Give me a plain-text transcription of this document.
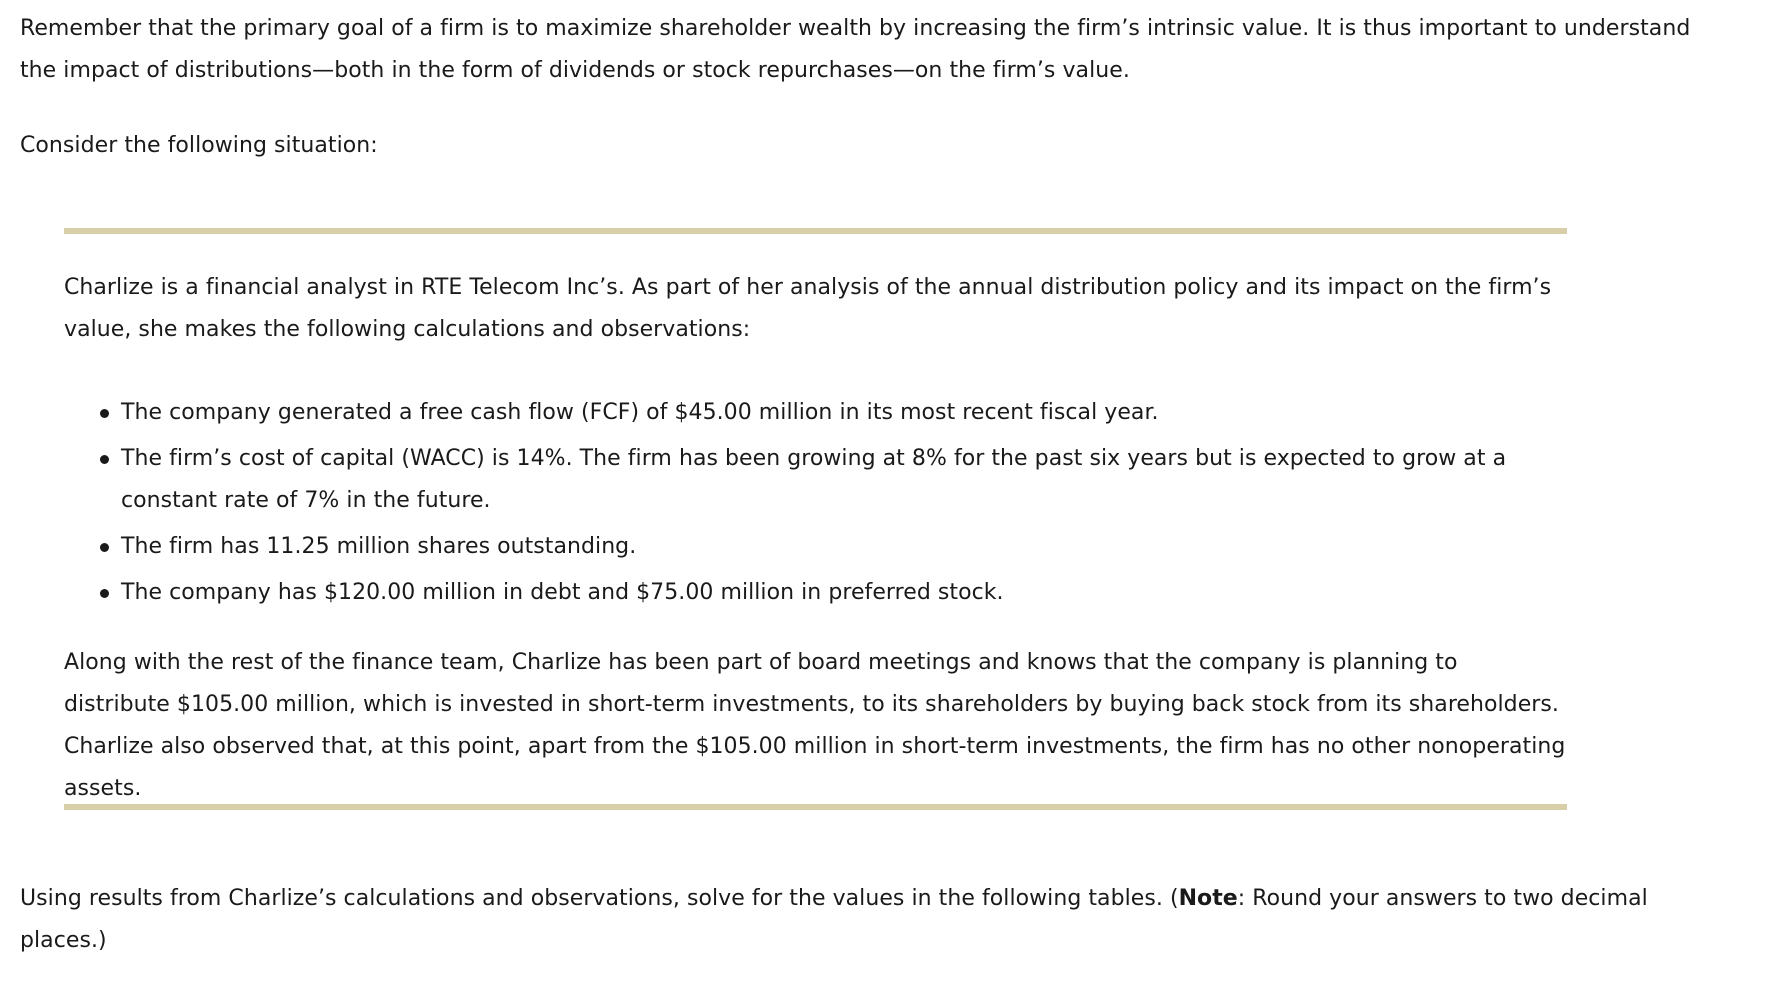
Remember that the primary goal of a firm is to maximize shareholder wealth by increasing the firm’s intrinsic value. It is thus important to understand the impact of distributions—both in the form of dividends or stock repurchases—on the firm’s value.

Consider the following situation:

Charlize is a financial analyst in RTE Telecom Inc’s. As part of her analysis of the annual distribution policy and its impact on the firm’s value, she makes the following calculations and observations:

The company generated a free cash flow (FCF) of $45.00 million in its most recent fiscal year.
The firm’s cost of capital (WACC) is 14%. The firm has been growing at 8% for the past six years but is expected to grow at a constant rate of 7% in the future.
The firm has 11.25 million shares outstanding.
The company has $120.00 million in debt and $75.00 million in preferred stock.

Along with the rest of the finance team, Charlize has been part of board meetings and knows that the company is planning to distribute $105.00 million, which is invested in short-term investments, to its shareholders by buying back stock from its shareholders. Charlize also observed that, at this point, apart from the $105.00 million in short-term investments, the firm has no other nonoperating assets.

Using results from Charlize’s calculations and observations, solve for the values in the following tables. (Note: Round your answers to two decimal places.)
